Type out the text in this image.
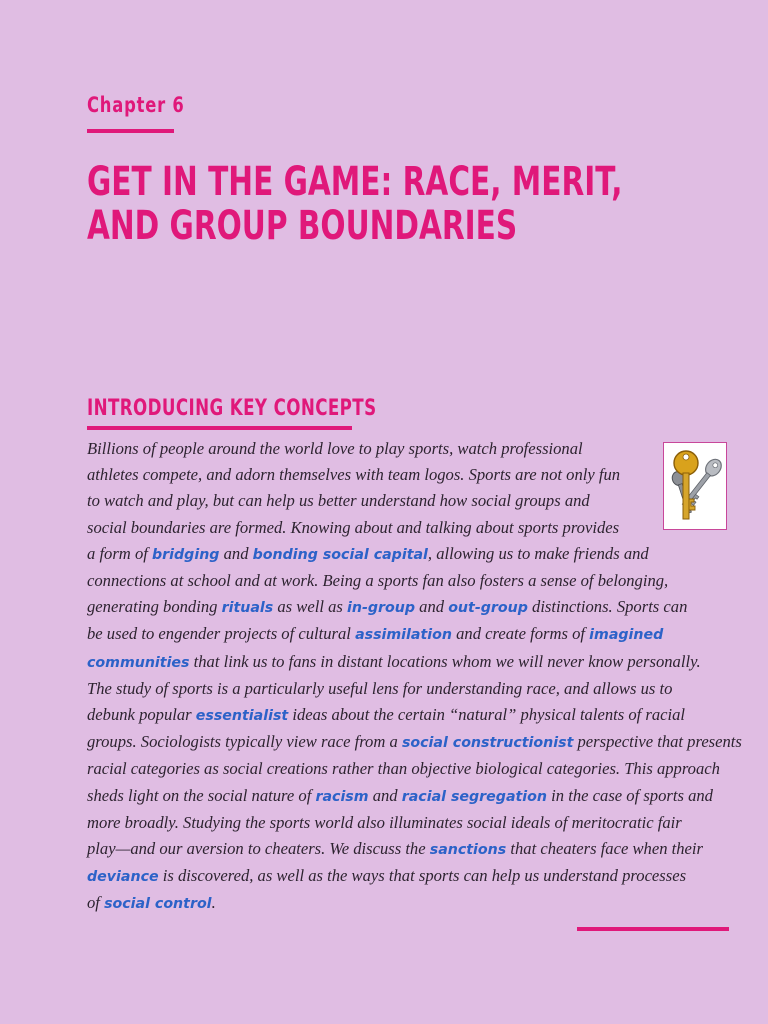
Chapter 6
GET IN THE GAME: RACE, MERIT,
AND GROUP BOUNDARIES
INTRODUCING KEY CONCEPTS
Billions of people around the world love to play sports, watch professional
athletes compete, and adorn themselves with team logos. Sports are not only fun
to watch and play, but can help us better understand how social groups and
social boundaries are formed. Knowing about and talking about sports provides
a form of bridging and bonding social capital, allowing us to make friends and
connections at school and at work. Being a sports fan also fosters a sense of belonging,
generating bonding rituals as well as in-group and out-group distinctions. Sports can
be used to engender projects of cultural assimilation and create forms of imagined
communities that link us to fans in distant locations whom we will never know personally.
The study of sports is a particularly useful lens for understanding race, and allows us to
debunk popular essentialist ideas about the certain “natural” physical talents of racial
groups. Sociologists typically view race from a social constructionist perspective that presents
racial categories as social creations rather than objective biological categories. This approach
sheds light on the social nature of racism and racial segregation in the case of sports and
more broadly. Studying the sports world also illuminates social ideals of meritocratic fair
play—and our aversion to cheaters. We discuss the sanctions that cheaters face when their
deviance is discovered, as well as the ways that sports can help us understand processes
of social control.
